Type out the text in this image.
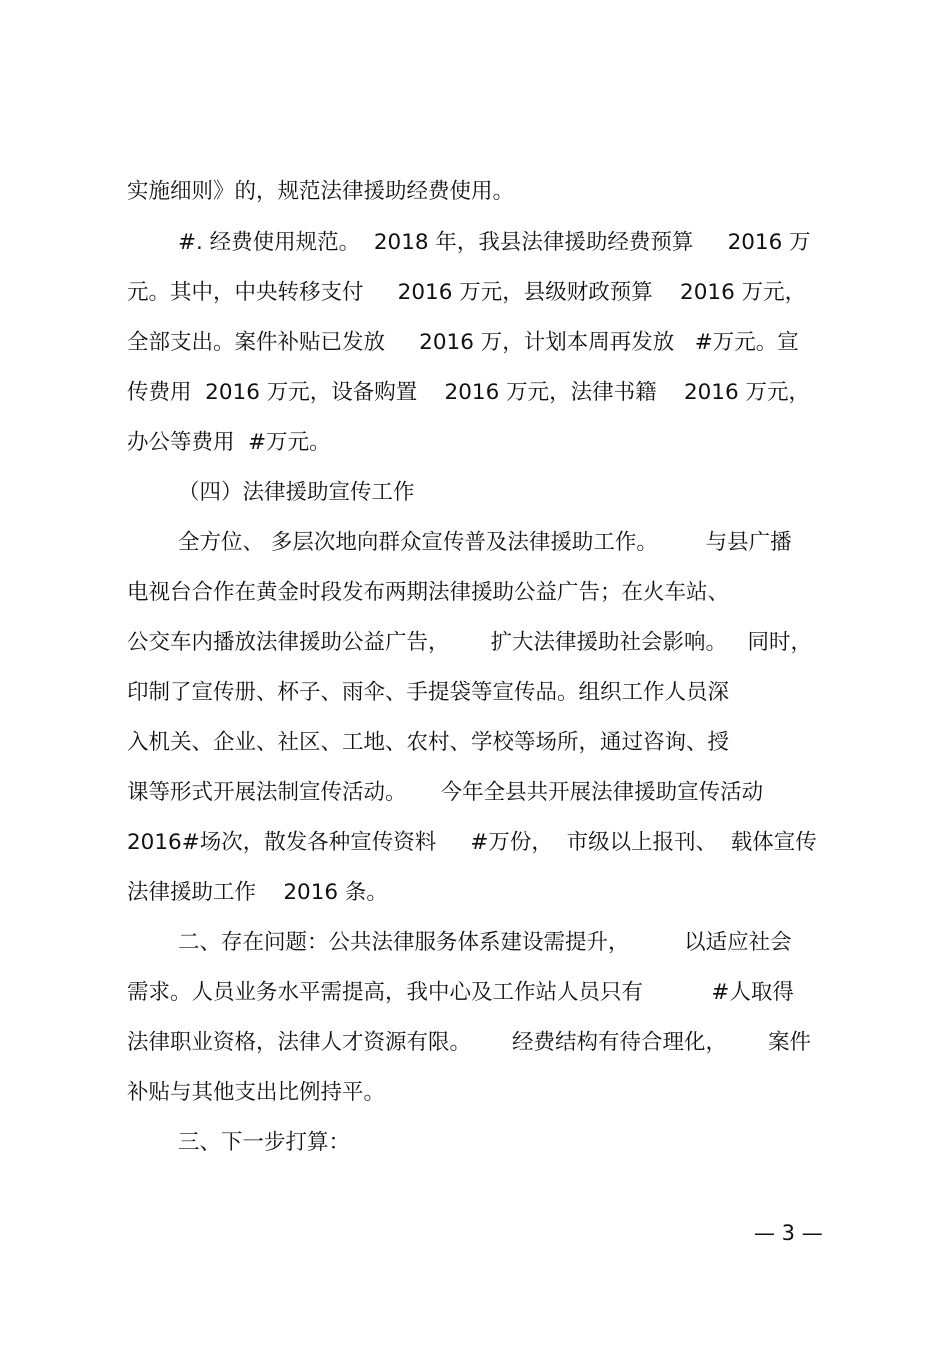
实施细则》的，规范法律援助经费使用。
#. 经费使用规范。  2018 年，我县法律援助经费预算     2016 万
元。其中，中央转移支付     2016 万元，县级财政预算    2016 万元，
全部支出。案件补贴已发放     2016 万，计划本周再发放   #万元。宣
传费用  2016 万元，设备购置    2016 万元，法律书籍    2016 万元，
办公等费用  #万元。
（四）法律援助宣传工作
全方位、 多层次地向群众宣传普及法律援助工作。       与县广播
电视台合作在黄金时段发布两期法律援助公益广告；在火车站、
公交车内播放法律援助公益广告，      扩大法律援助社会影响。   同时，
印制了宣传册、杯子、雨伞、手提袋等宣传品。组织工作人员深
入机关、企业、社区、工地、农村、学校等场所，通过咨询、授
课等形式开展法制宣传活动。     今年全县共开展法律援助宣传活动
2016#场次，散发各种宣传资料     #万份，  市级以上报刊、  载体宣传
法律援助工作    2016 条。
二、存在问题：公共法律服务体系建设需提升，        以适应社会
需求。人员业务水平需提高，我中心及工作站人员只有          #人取得
法律职业资格，法律人才资源有限。      经费结构有待合理化，      案件
补贴与其他支出比例持平。
三、下一步打算：
— 3 —
